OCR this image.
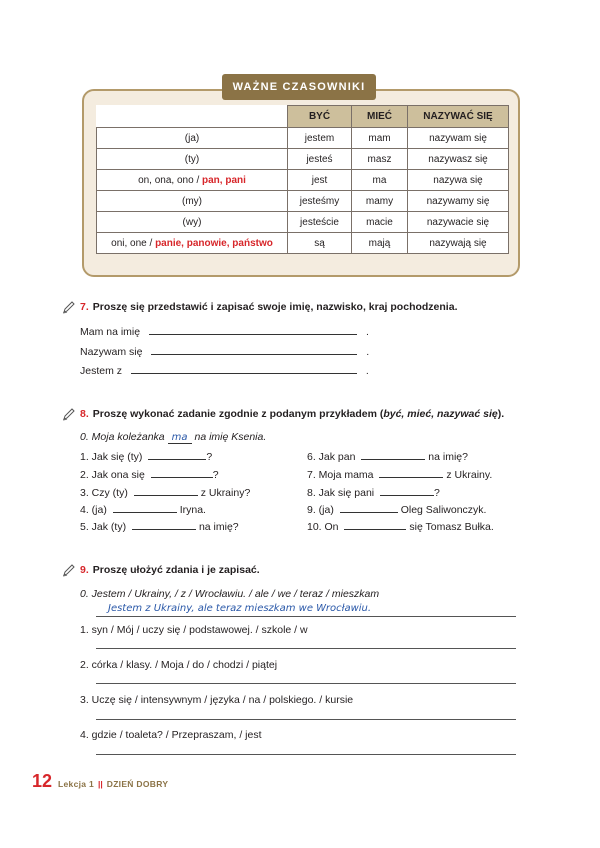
WAŻNE CZASOWNIKI
	BYĆ	MIEĆ	NAZYWAĆ SIĘ
(ja)	jestem	mam	nazywam się
(ty)	jesteś	masz	nazywasz się
on, ona, ono / pan, pani	jest	ma	nazywa się
(my)	jesteśmy	mamy	nazywamy się
(wy)	jesteście	macie	nazywacie się
oni, one / panie, panowie, państwo	są	mają	nazywają się
7. Proszę się przedstawić i zapisać swoje imię, nazwisko, kraj pochodzenia.
Mam na imię	.
Nazywam się	.
Jestem z	.
8. Proszę wykonać zadanie zgodnie z podanym przykładem (być, mieć, nazywać się).
0. Moja koleżanka ma na imię Ksenia.
1. Jak się (ty)	?
2. Jak ona się	?
3. Czy (ty)	z Ukrainy?
4. (ja)	Iryna.
5. Jak (ty)	na imię?
6. Jak pan	na imię?
7. Moja mama	z Ukrainy.
8. Jak się pani	?
9. (ja)	Oleg Saliwonczyk.
10. On	się Tomasz Bułka.
9. Proszę ułożyć zdania i je zapisać.
0. Jestem / Ukrainy, / z / Wrocławiu. / ale / we / teraz / mieszkam
Jestem z Ukrainy, ale teraz mieszkam we Wrocławiu.
1. syn / Mój / uczy się / podstawowej. / szkole / w
2. córka / klasy. / Moja / do / chodzi / piątej
3. Uczę się / intensywnym / języka / na / polskiego. / kursie
4. gdzie / toaleta? / Przepraszam, / jest
12 Lekcja 1 || DZIEŃ DOBRY
